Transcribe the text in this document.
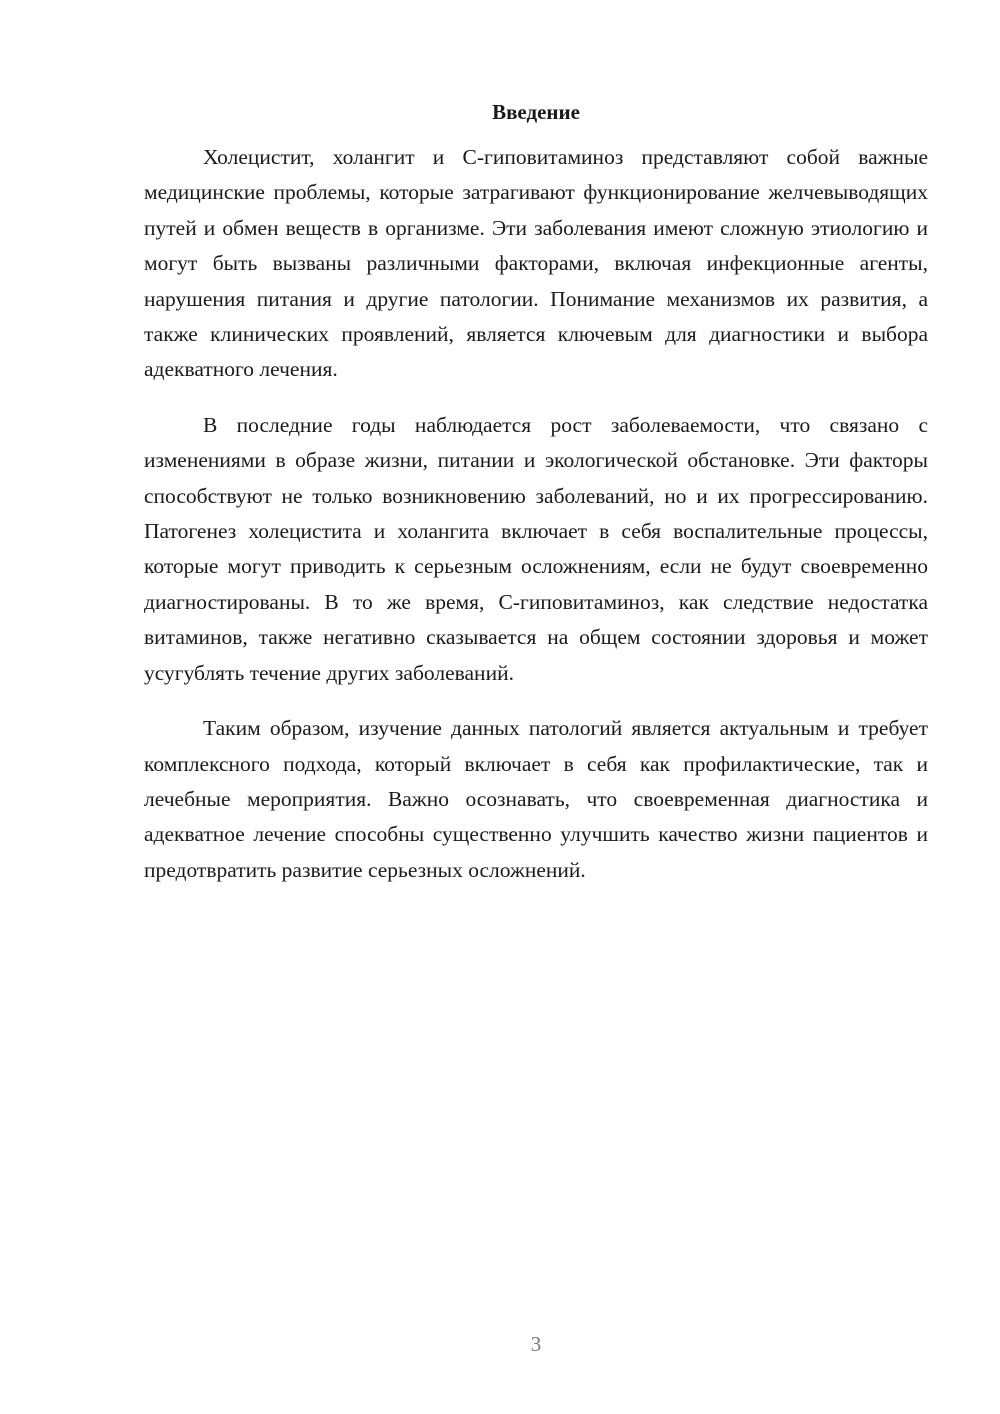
Введение

Холецистит, холангит и C-гиповитаминоз представляют собой важные медицинские проблемы, которые затрагивают функционирование желчевыводящих путей и обмен веществ в организме. Эти заболевания имеют сложную этиологию и могут быть вызваны различными факторами, включая инфекционные агенты, нарушения питания и другие патологии. Понимание механизмов их развития, а также клинических проявлений, является ключевым для диагностики и выбора адекватного лечения.

В последние годы наблюдается рост заболеваемости, что связано с изменениями в образе жизни, питании и экологической обстановке. Эти факторы способствуют не только возникновению заболеваний, но и их прогрессированию. Патогенез холецистита и холангита включает в себя воспалительные процессы, которые могут приводить к серьезным осложнениям, если не будут своевременно диагностированы. В то же время, C-гиповитаминоз, как следствие недостатка витаминов, также негативно сказывается на общем состоянии здоровья и может усугублять течение других заболеваний.

Таким образом, изучение данных патологий является актуальным и требует комплексного подхода, который включает в себя как профилактические, так и лечебные мероприятия. Важно осознавать, что своевременная диагностика и адекватное лечение способны существенно улучшить качество жизни пациентов и предотвратить развитие серьезных осложнений.

3
